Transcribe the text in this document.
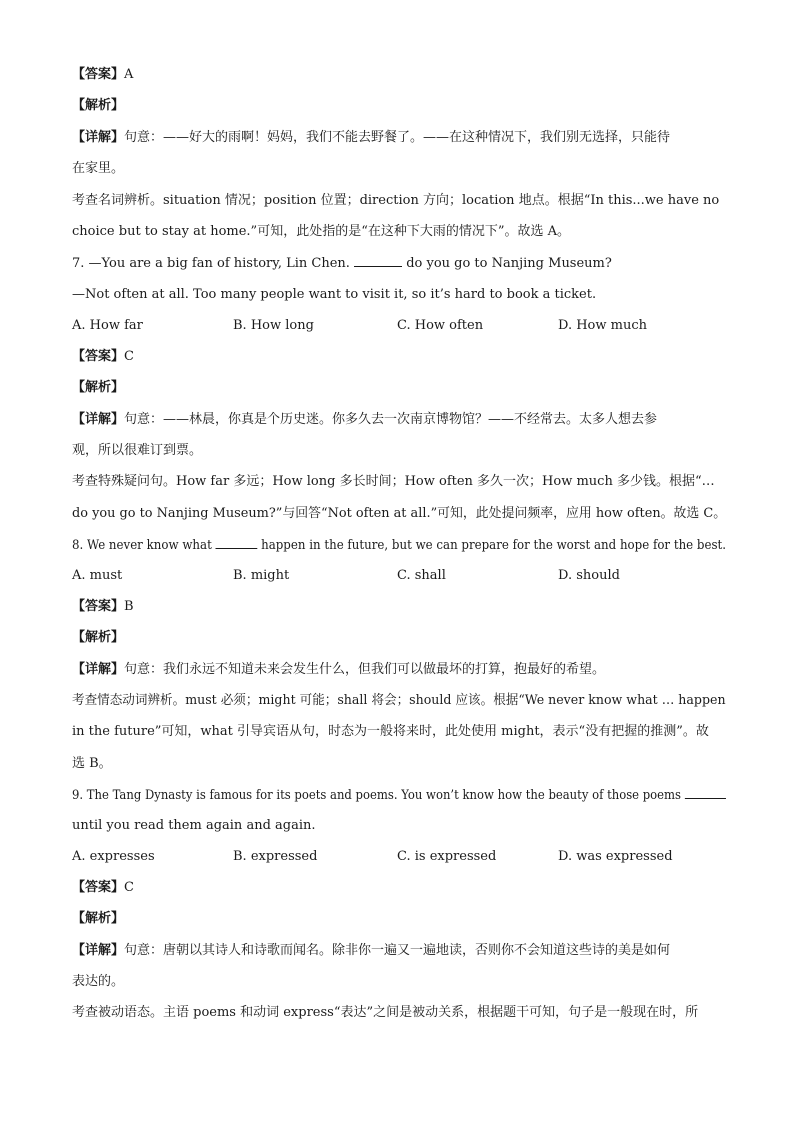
【答案】A
【解析】
【详解】句意：——好大的雨啊！妈妈，我们不能去野餐了。——在这种情况下，我们别无选择，只能待
在家里。
考查名词辨析。situation 情况；position 位置；direction 方向；location 地点。根据“In this...we have no
choice but to stay at home.”可知，此处指的是“在这种下大雨的情况下”。故选 A。
7. —You are a big fan of history, Lin Chen.	do you go to Nanjing Museum?
—Not often at all. Too many people want to visit it, so it’s hard to book a ticket.
A. How far	B. How long	C. How often	D. How much
【答案】C
【解析】
【详解】句意：——林晨，你真是个历史迷。你多久去一次南京博物馆？——不经常去。太多人想去参
观，所以很难订到票。
考查特殊疑问句。How far 多远；How long 多长时间；How often 多久一次；How much 多少钱。根据“…
do you go to Nanjing Museum?”与回答“Not often at all.”可知，此处提问频率，应用 how often。故选 C。
8. We never know what	happen in the future, but we can prepare for the worst and hope for the best.
A. must	B. might	C. shall	D. should
【答案】B
【解析】
【详解】句意：我们永远不知道未来会发生什么，但我们可以做最坏的打算，抱最好的希望。
考查情态动词辨析。must 必须；might 可能；shall 将会；should 应该。根据“We never know what … happen
in the future”可知，what 引导宾语从句，时态为一般将来时，此处使用 might，表示“没有把握的推测”。故
选 B。
9. The Tang Dynasty is famous for its poets and poems. You won’t know how the beauty of those poems
until you read them again and again.
A. expresses	B. expressed	C. is expressed	D. was expressed
【答案】C
【解析】
【详解】句意：唐朝以其诗人和诗歌而闻名。除非你一遍又一遍地读，否则你不会知道这些诗的美是如何
表达的。
考查被动语态。主语 poems 和动词 express“表达”之间是被动关系，根据题干可知，句子是一般现在时，所
